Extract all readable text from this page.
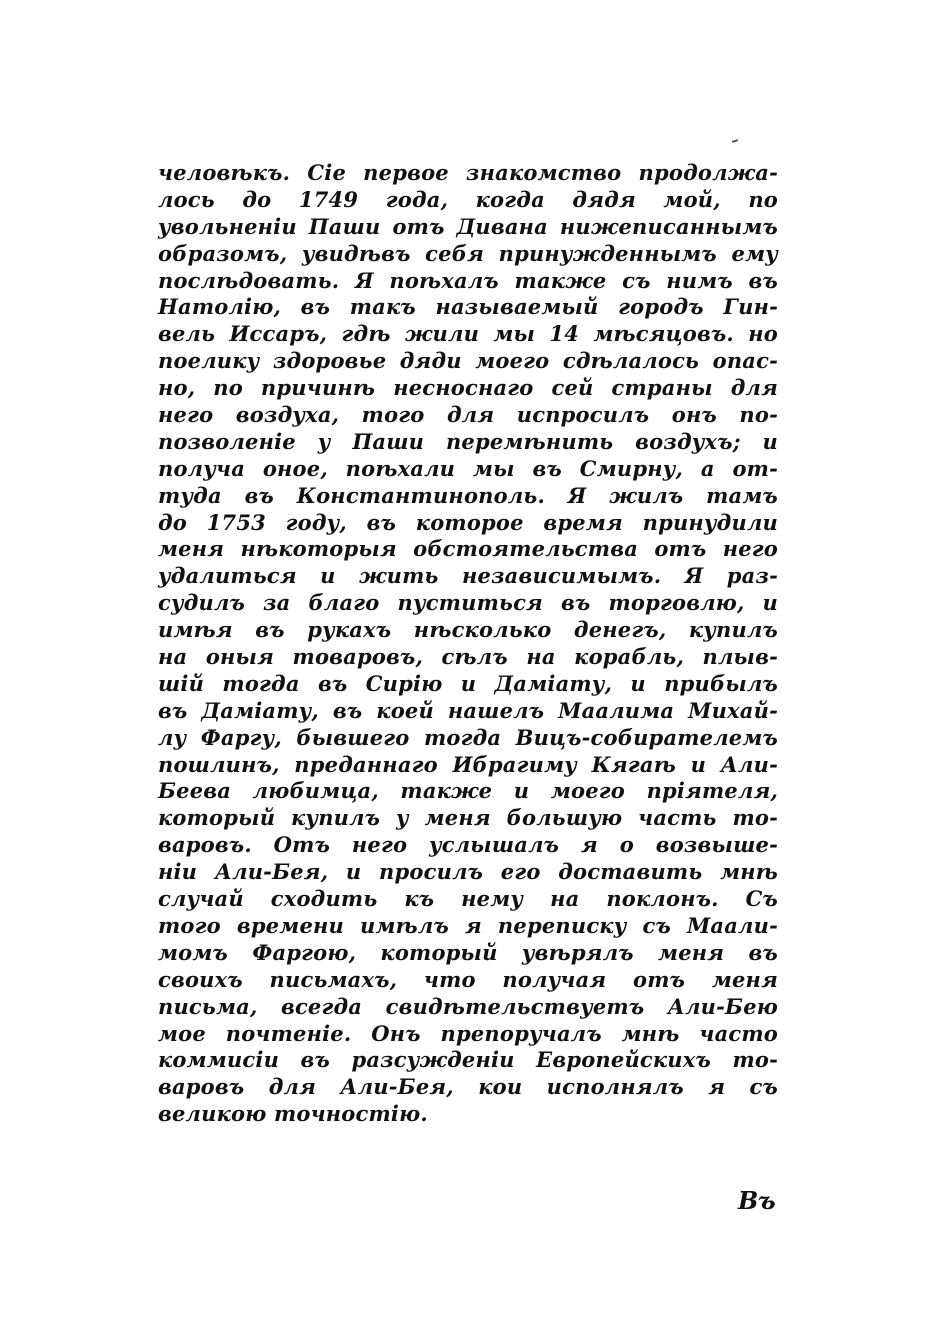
человѣкъ. Сіе первое знакомство продолжа-
лось до 1749 года, когда дядя мой, по
увольненіи Паши отъ Дивана нижеписаннымъ
образомъ, увидѣвъ себя принужденнымъ ему
послѣдовать. Я поѣхалъ также съ нимъ въ
Натолію, въ такъ называемый городъ Гин-
вель Иссаръ, гдѣ жили мы 14 мѣсяцовъ. но
поелику здоровье дяди моего сдѣлалось опас-
но, по причинѣ несноснаго сей страны для
него воздуха, того для испросилъ онъ по-
позволеніе у Паши перемѣнить воздухъ; и
получа оное, поѣхали мы въ Смирну, а от-
туда въ Константинополь. Я жилъ тамъ
до 1753 году, въ которое время принудили
меня нѣкоторыя обстоятельства отъ него
удалиться и жить независимымъ. Я раз-
судилъ за благо пуститься въ торговлю, и
имѣя въ рукахъ нѣсколько денегъ, купилъ
на оныя товаровъ, сѣлъ на корабль, плыв-
шій тогда въ Сирію и Даміату, и прибылъ
въ Даміату, въ коей нашелъ Маалима Михай-
лу Фаргу, бывшего тогда Вицъ-собирателемъ
пошлинъ, преданнаго Ибрагиму Кягаѣ и Али-
Беева любимца, также и моего пріятеля,
который купилъ у меня большую часть то-
варовъ. Отъ него услышалъ я о возвыше-
ніи Али-Бея, и просилъ его доставить мнѣ
случай сходить къ нему на поклонъ. Съ
того времени имѣлъ я переписку съ Маали-
момъ Фаргою, который увѣрялъ меня въ
своихъ письмахъ, что получая отъ меня
письма, всегда свидѣтельствуетъ Али-Бею
мое почтеніе. Онъ препоручалъ мнѣ часто
коммисіи въ разсужденіи Европейскихъ то-
варовъ для Али-Бея, кои исполнялъ я съ
великою точностію.
Въ
